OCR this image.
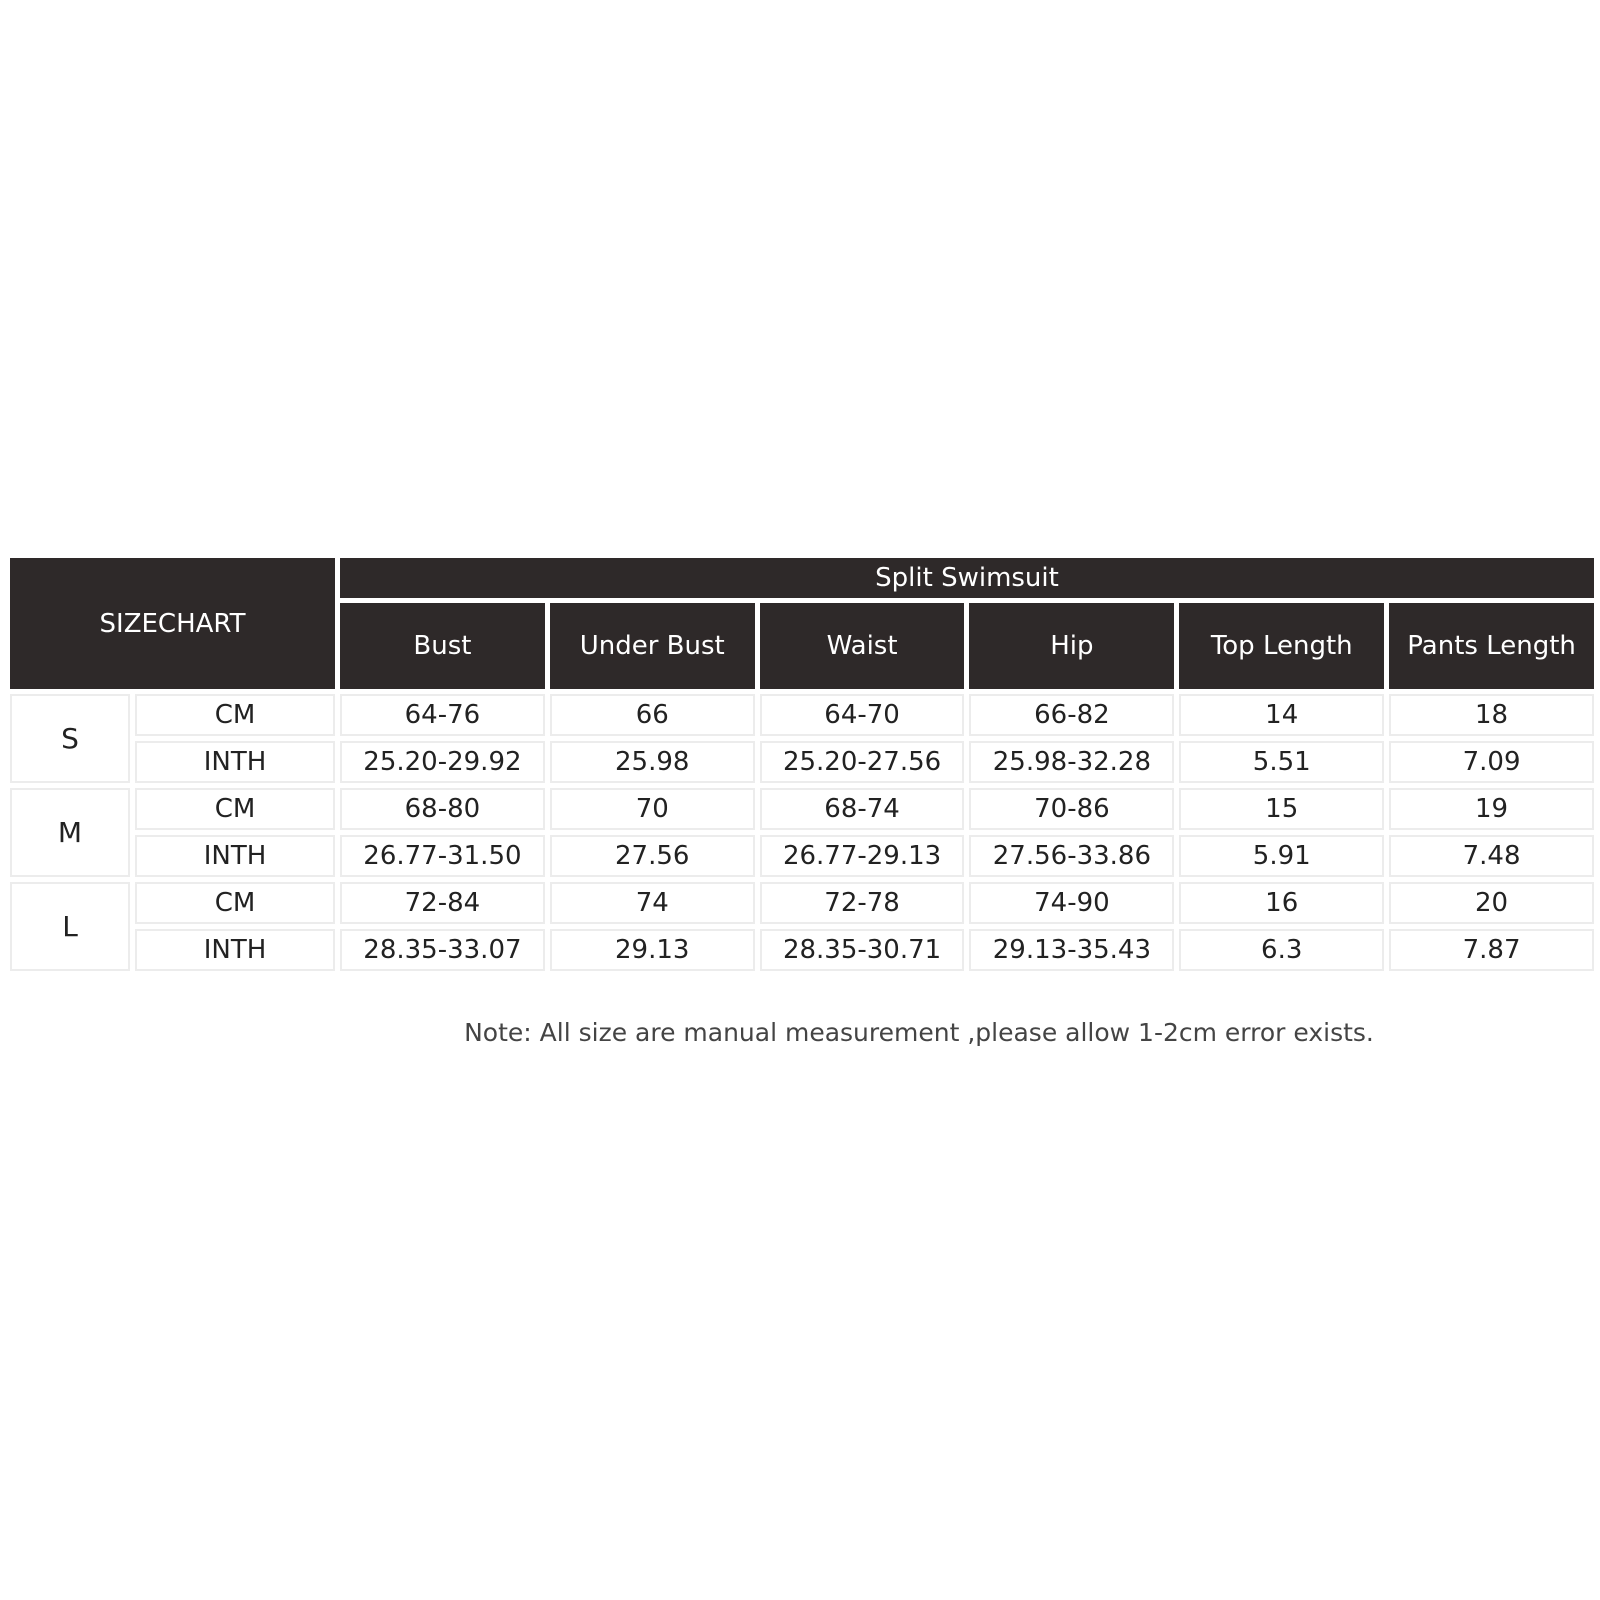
SIZECHART		Split Swimsuit					
		Bust	Under Bust	Waist	Hip	Top Length	Pants Length
S	CM	64-76	66	64-70	66-82	14	18
	INTH	25.20-29.92	25.98	25.20-27.56	25.98-32.28	5.51	7.09
M	CM	68-80	70	68-74	70-86	15	19
	INTH	26.77-31.50	27.56	26.77-29.13	27.56-33.86	5.91	7.48
L	CM	72-84	74	72-78	74-90	16	20
	INTH	28.35-33.07	29.13	28.35-30.71	29.13-35.43	6.3	7.87
Note: All size are manual measurement ,please allow 1-2cm error exists.
